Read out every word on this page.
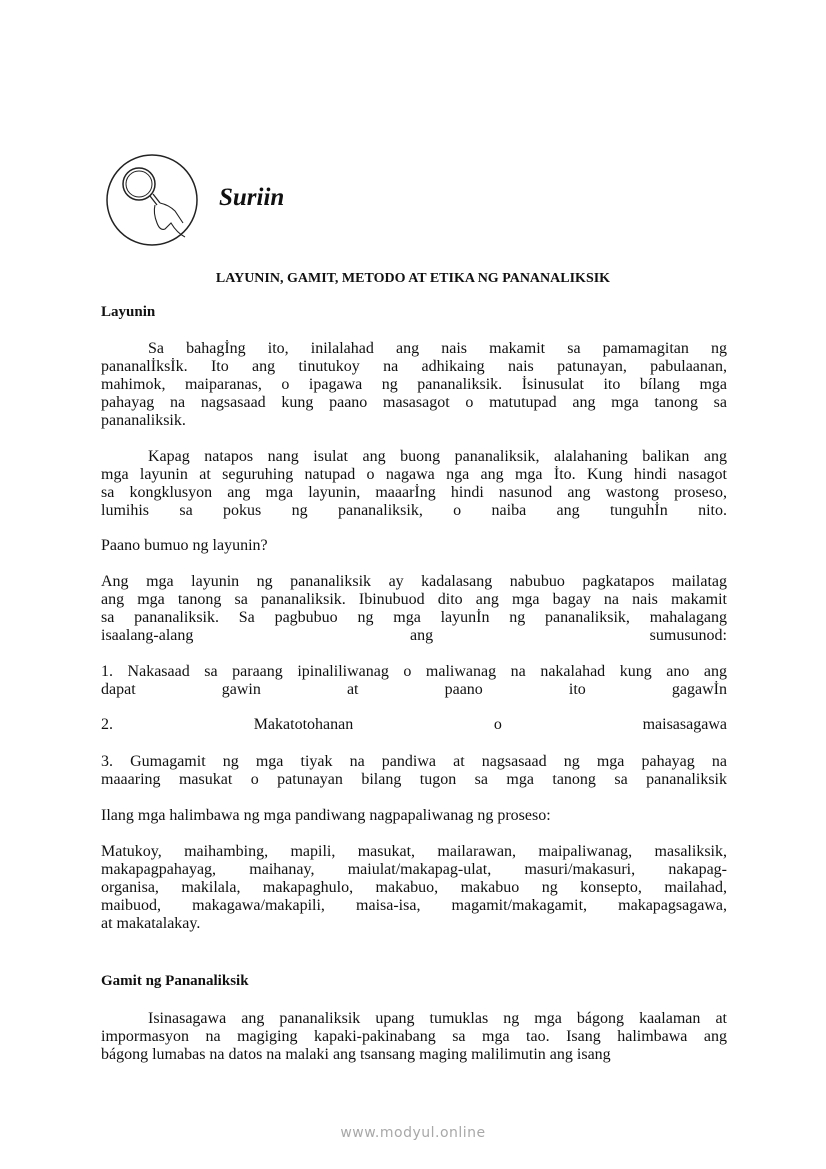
Suriin
LAYUNIN, GAMIT, METODO AT ETIKA NG PANANALIKSIK
Layunin
Sa bahagİng ito, inilalahad ang nais makamit sa pamamagitan ng
pananalİksİk. Ito ang tinutukoy na adhikaing nais patunayan, pabulaanan,
mahimok, maiparanas, o ipagawa ng pananaliksik. İsinusulat ito bílang mga
pahayag na nagsasaad kung paano masasagot o matutupad ang mga tanong sa
pananaliksik.
Kapag natapos nang isulat ang buong pananaliksik, alalahaning balikan ang
mga layunin at seguruhing natupad o nagawa nga ang mga İto. Kung hindi nasagot
sa kongklusyon ang mga layunin, maaarİng hindi nasunod ang wastong proseso,
lumihis sa pokus ng pananaliksik, o naiba ang tunguhİn nito.
Paano bumuo ng layunin?
Ang mga layunin ng pananaliksik ay kadalasang nabubuo pagkatapos mailatag
ang mga tanong sa pananaliksik. Ibinubuod dito ang mga bagay na nais makamit
sa pananaliksik. Sa pagbubuo ng mga layunİn ng pananaliksik, mahalagang
isaalang-alang ang sumusunod:
1. Nakasaad sa paraang ipinaliliwanag o maliwanag na nakalahad kung ano ang
dapat gawin at paano ito gagawİn
2. Makatotohanan o maisasagawa
3. Gumagamit ng mga tiyak na pandiwa at nagsasaad ng mga pahayag na
maaaring masukat o patunayan bilang tugon sa mga tanong sa pananaliksik
Ilang mga halimbawa ng mga pandiwang nagpapaliwanag ng proseso:
Matukoy, maihambing, mapili, masukat, mailarawan, maipaliwanag, masaliksik,
makapagpahayag, maihanay, maiulat/makapag-ulat, masuri/makasuri, nakapag-
organisa, makilala, makapaghulo, makabuo, makabuo ng konsepto, mailahad,
maibuod, makagawa/makapili, maisa-isa, magamit/makagamit, makapagsagawa,
at makatalakay.
Gamit ng Pananaliksik
Isinasagawa ang pananaliksik upang tumuklas ng mga bágong kaalaman at
impormasyon na magiging kapaki-pakinabang sa mga tao. Isang halimbawa ang
bágong lumabas na datos na malaki ang tsansang maging malilimutin ang isang
www.modyul.online
